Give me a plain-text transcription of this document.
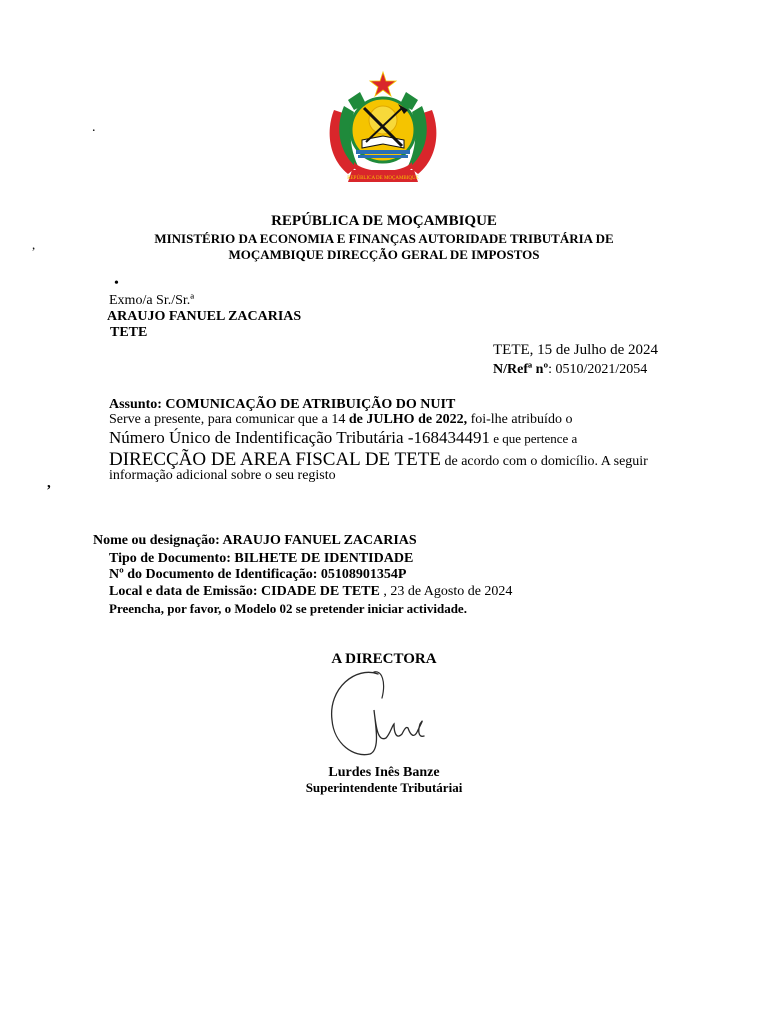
.
,
,
REPÚBLICA DE MOÇAMBIQUE
REPÚBLICA DE MOÇAMBIQUE
MINISTÉRIO DA ECONOMIA E FINANÇAS AUTORIDADE TRIBUTÁRIA DE
MOÇAMBIQUE DIRECÇÃO GERAL DE IMPOSTOS
•
Exmo/a Sr./Sr.ª
ARAUJO FANUEL ZACARIAS
TETE
TETE, 15 de Julho de 2024
N/Refª nº: 0510/2021/2054
Assunto: COMUNICAÇÃO DE ATRIBUIÇÃO DO NUIT
Serve a presente, para comunicar que a 14 de JULHO de 2022, foi-lhe atribuído o
Número Único de Indentificação Tributária -168434491 e que pertence a
DIRECÇÃO DE AREA FISCAL DE TETE de acordo com o domicílio. A seguir
informação adicional sobre o seu registo
Nome ou designação: ARAUJO FANUEL ZACARIAS
Tipo de Documento: BILHETE DE IDENTIDADE
Nº do Documento de Identificação: 05108901354P
Local e data de Emissão: CIDADE DE TETE , 23 de Agosto de 2024
Preencha, por favor, o Modelo 02 se pretender iniciar actividade.
A DIRECTORA
Lurdes Inês Banze
Superintendente Tributáriai
